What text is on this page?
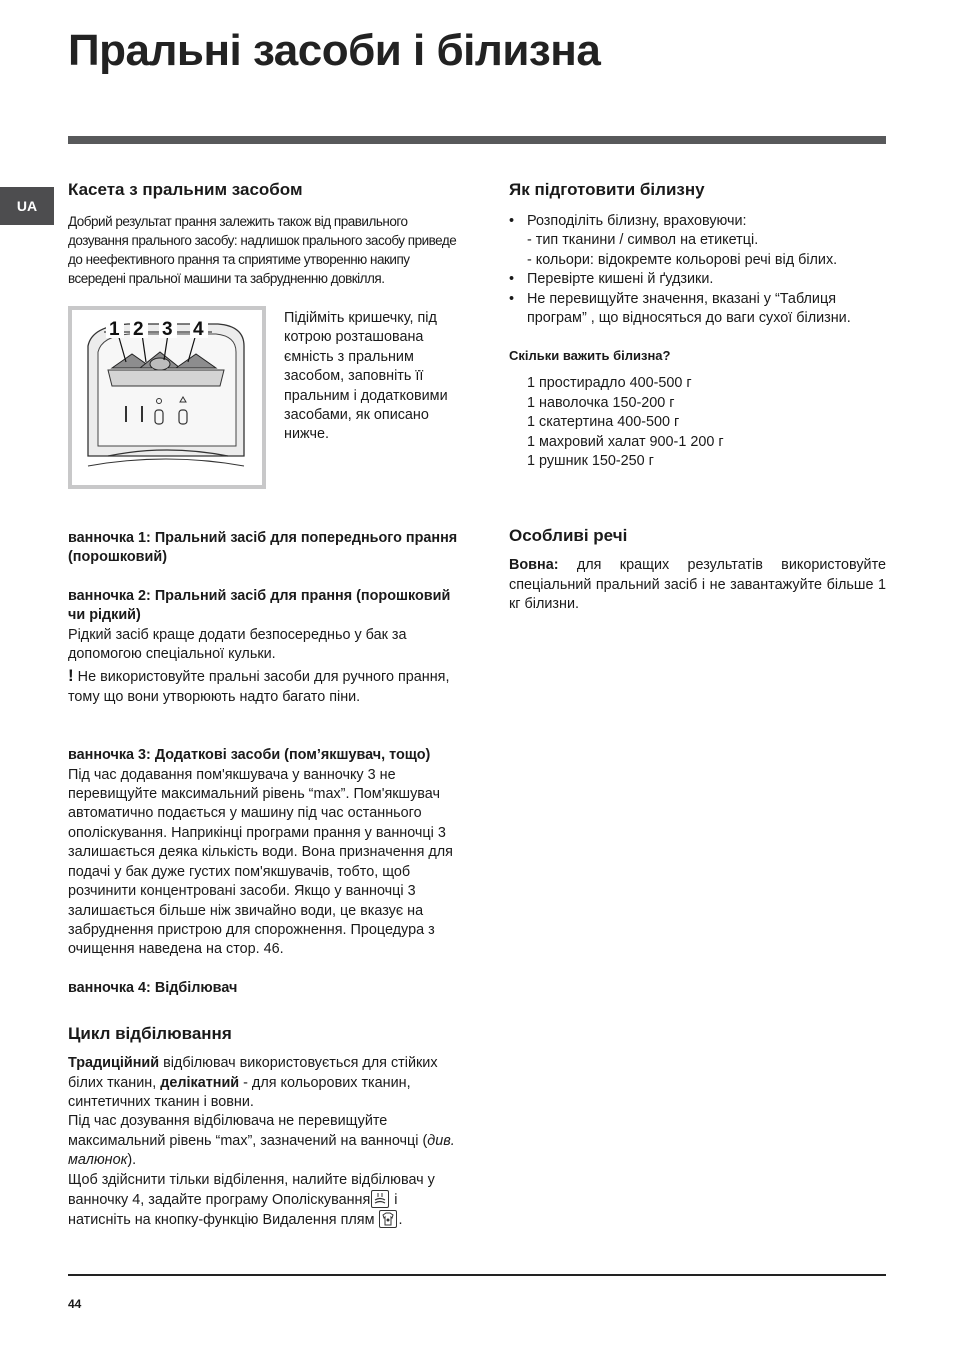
Пральні засоби і білизна
UA
Касета з пральним засобом

Добрий результат прання залежить також від правильного дозування прального засобу: надлишок прального засобу приведе до неефективного прання та сприятиме утворенню накипу всередені пральної машини та забрудненню довкілля.

1 2 3 4

Підійміть кришечку, під котрою розташована ємність з пральним засобом, заповніть її пральним і додатковими засобами, як описано нижче.

ванночка 1: Пральний засіб для попереднього прання (порошковий)

ванночка 2: Пральний засіб для прання (порошковий чи рідкий)

Рідкий засіб краще додати безпосередньо у бак за допомогою спеціальної кульки.

! Не використовуйте пральні засоби для ручного прання, тому що вони утворюють надто багато піни.

ванночка 3: Додаткові засоби (пом’якшувач, тощо)

Під час додавання пом'якшувача у ванночку 3 не перевищуйте максимальний рівень “max”. Пом'якшувач автоматично подається у машину під час останнього ополіскування. Наприкінці програми прання у ванночці 3 залишається деяка кількість води. Вона призначення для подачі у бак дуже густих пом'якшувачів, тобто, щоб розчинити концентровані засоби. Якщо у ванночці 3 залишається більше ніж звичайно води, це вказує на забруднення пристрою для спорожнення. Процедура з очищення наведена на стор. 46.

ванночка 4: Відбілювач

Цикл відбілювання

Традиційний відбілювач використовується для стійких білих тканин, делікатний - для кольорових тканин, синтетичних тканин і вовни.

Під час дозування відбілювача не перевищуйте максимальний рівень “max”, зазначений на ванночці (див. малюнок).

Щоб здійснити тільки відбілення, налийте відбілювач у ванночку 4, задайте програму Ополіскування і натисніть на кнопку-функцію Видалення плям .

Як підготовити білизну
• Розподіліть білизну, враховуючи:
- тип тканини / символ на етикетці.
- кольори: відокремте кольорові речі від білих.
• Перевірте кишені й ґудзики.
• Не перевищуйте значення, вказані у “Таблиця програм” , що відносяться до ваги сухої білизни.

Скільки важить білизна?

1 простирадло 400-500 г
1 наволочка 150-200 г
1 скатертина 400-500 г
1 махровий халат 900-1 200 г
1 рушник 150-250 г
Особливі речі

Вовна: для кращих результатів використовуйте спеціальний пральний засіб і не завантажуйте більше 1 кг білизни.

44
